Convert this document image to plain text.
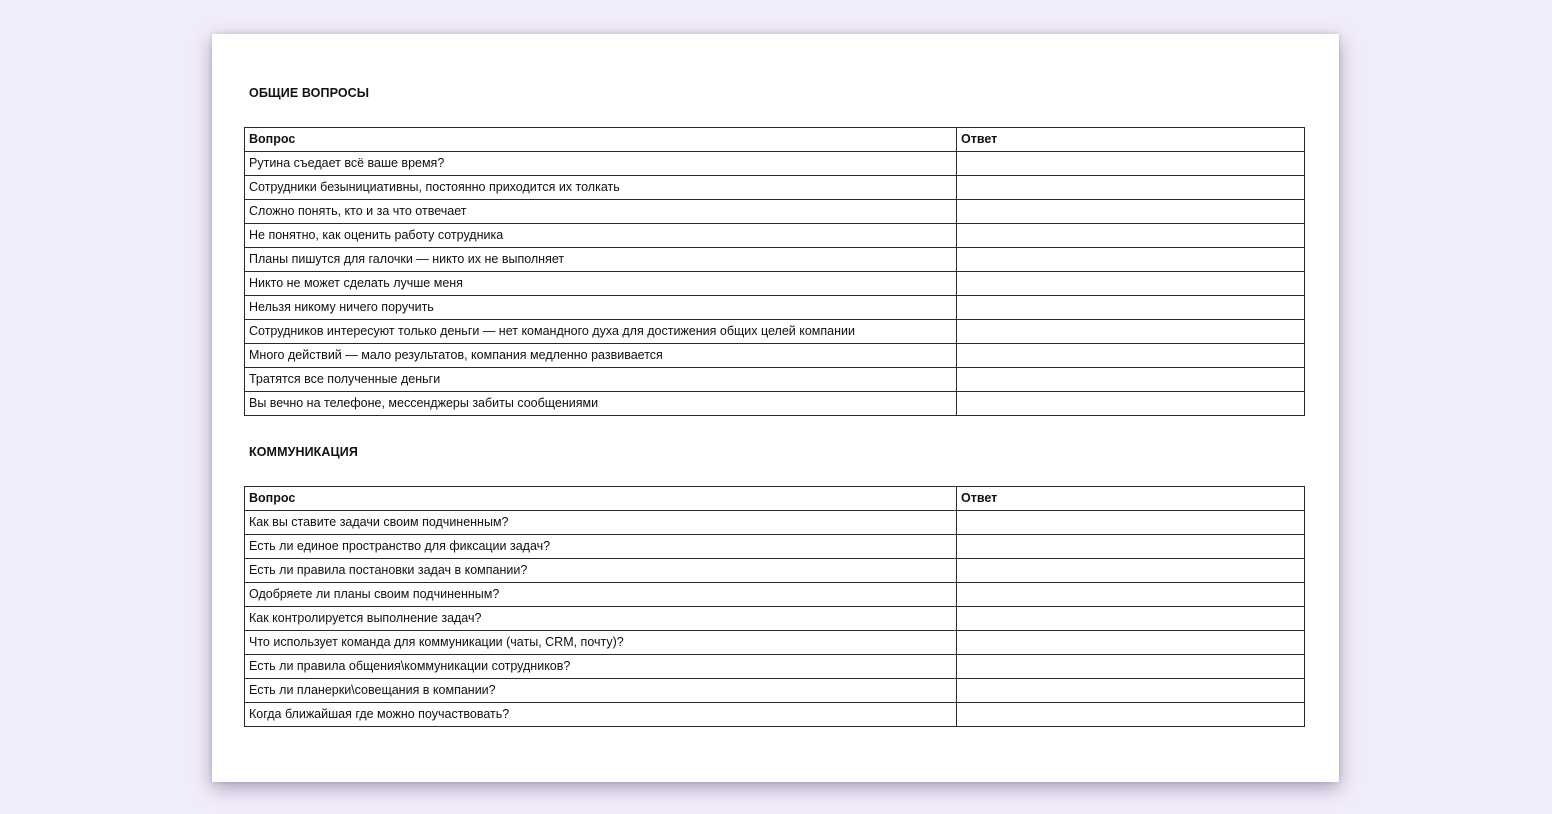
ОБЩИЕ ВОПРОСЫ
Вопрос	Ответ
Рутина съедает всё ваше время?	
Сотрудники безынициативны, постоянно приходится их толкать	
Сложно понять, кто и за что отвечает	
Не понятно, как оценить работу сотрудника	
Планы пишутся для галочки — никто их не выполняет	
Никто не может сделать лучше меня	
Нельзя никому ничего поручить	
Сотрудников интересуют только деньги — нет командного духа для достижения общих целей компании	
Много действий — мало результатов, компания медленно развивается	
Тратятся все полученные деньги	
Вы вечно на телефоне, мессенджеры забиты сообщениями	
КОММУНИКАЦИЯ
Вопрос	Ответ
Как вы ставите задачи своим подчиненным?	
Есть ли единое пространство для фиксации задач?	
Есть ли правила постановки задач в компании?	
Одобряете ли планы своим подчиненным?	
Как контролируется выполнение задач?	
Что использует команда для коммуникации (чаты, CRM, почту)?	
Есть ли правила общения\коммуникации сотрудников?	
Есть ли планерки\совещания в компании?	
Когда ближайшая где можно поучаствовать?	
